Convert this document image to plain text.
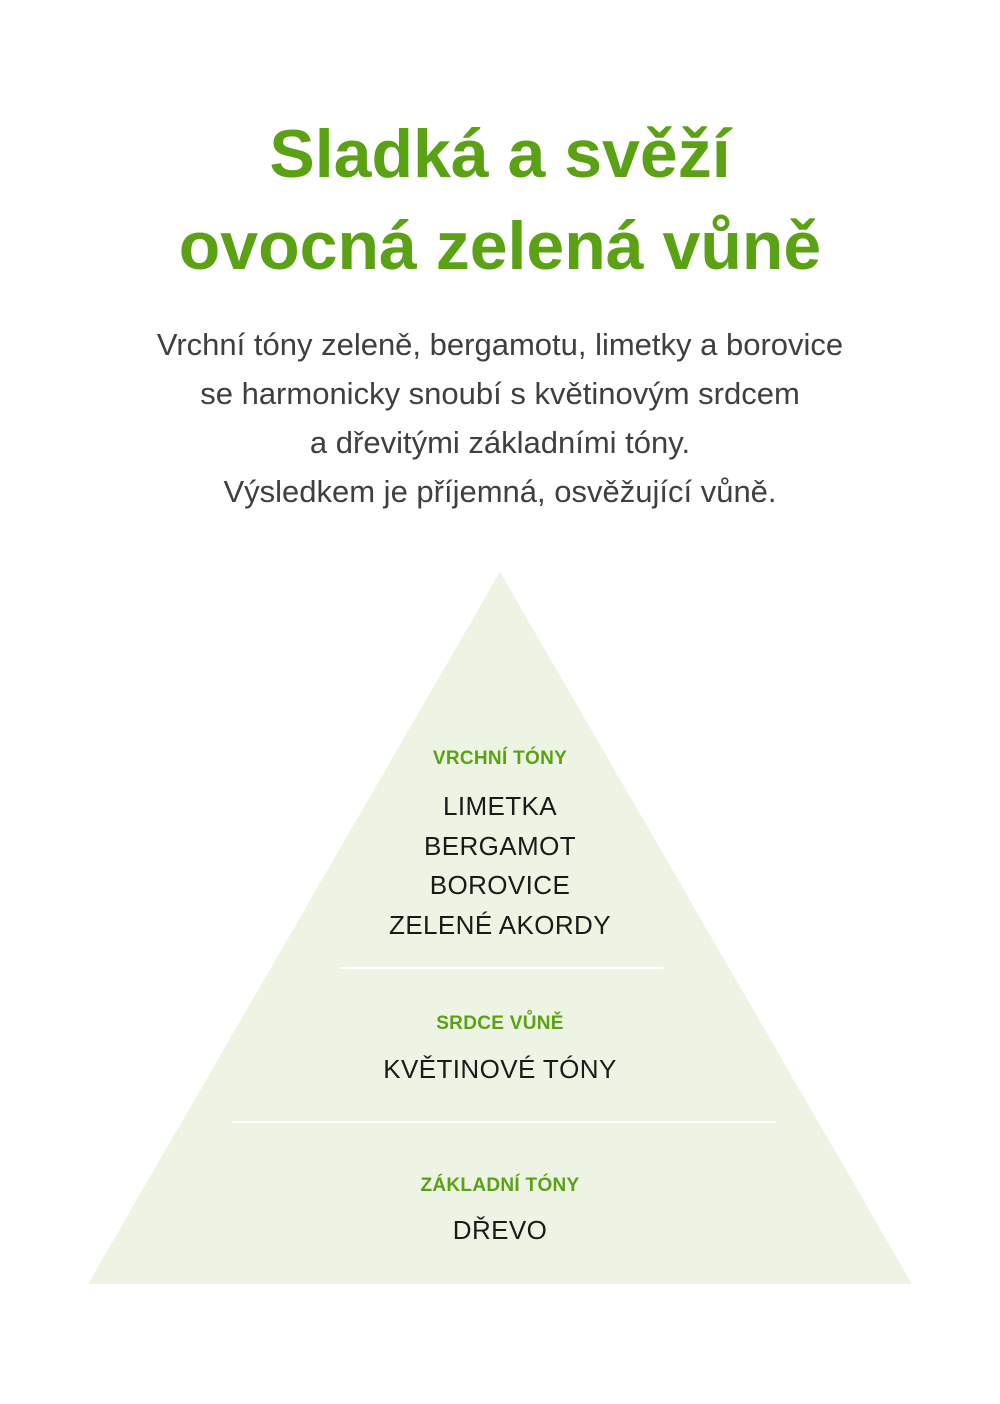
Sladká a svěží
ovocná zelená vůně
Vrchní tóny zeleně, bergamotu, limetky a borovice
se harmonicky snoubí s květinovým srdcem
a dřevitými základními tóny.
Výsledkem je příjemná, osvěžující vůně.
VRCHNÍ TÓNY
LIMETKA
BERGAMOT
BOROVICE
ZELENÉ AKORDY
SRDCE VŮNĚ
KVĚTINOVÉ TÓNY
ZÁKLADNÍ TÓNY
DŘEVO
